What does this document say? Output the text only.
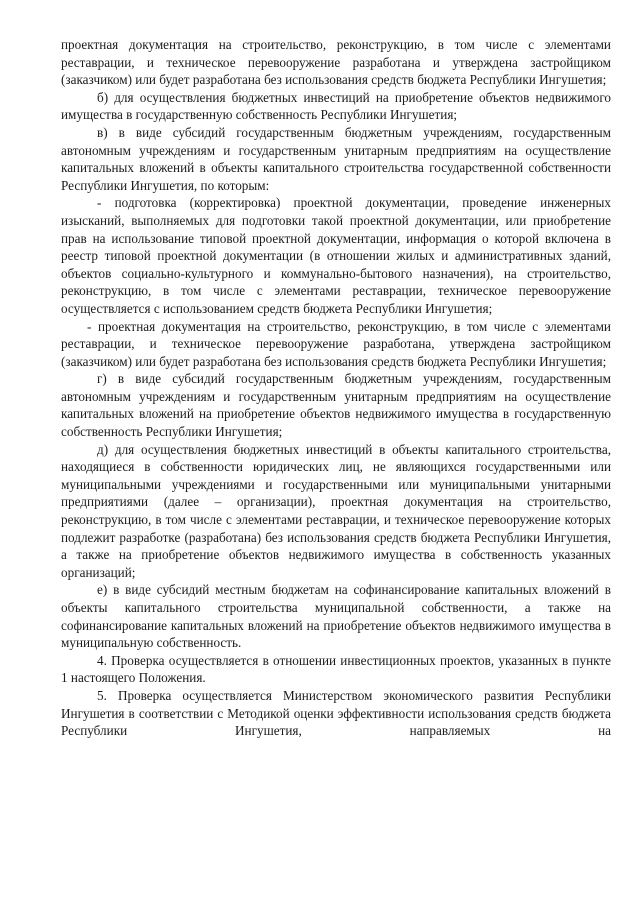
проектная документация на строительство, реконструкцию, в том числе с элементами реставрации, и техническое перевооружение разработана и утверждена застройщиком (заказчиком) или будет разработана без использования средств бюджета Республики Ингушетия;

б) для осуществления бюджетных инвестиций на приобретение объектов недвижимого имущества в государственную собственность Республики Ингушетия;

в) в виде субсидий государственным бюджетным учреждениям, государственным автономным учреждениям и государственным унитарным предприятиям на осуществление капитальных вложений в объекты капитального строительства государственной собственности Республики Ингушетия, по которым:

- подготовка (корректировка) проектной документации, проведение инженерных изысканий, выполняемых для подготовки такой проектной документации, или приобретение прав на использование типовой проектной документации, информация о которой включена в реестр типовой проектной документации (в отношении жилых и административных зданий, объектов социально-культурного и коммунально-бытового назначения), на строительство, реконструкцию, в том числе с элементами реставрации, техническое перевооружение осуществляется с использованием средств бюджета Республики Ингушетия;

- проектная документация на строительство, реконструкцию, в том числе с элементами реставрации, и техническое перевооружение разработана, утверждена застройщиком (заказчиком) или будет разработана без использования средств бюджета Республики Ингушетия;

г) в виде субсидий государственным бюджетным учреждениям, государственным автономным учреждениям и государственным унитарным предприятиям на осуществление капитальных вложений на приобретение объектов недвижимого имущества в государственную собственность Республики Ингушетия;

д) для осуществления бюджетных инвестиций в объекты капитального строительства, находящиеся в собственности юридических лиц, не являющихся государственными или муниципальными учреждениями и государственными или муниципальными унитарными предприятиями (далее – организации), проектная документация на строительство, реконструкцию, в том числе с элементами реставрации, и техническое перевооружение которых подлежит разработке (разработана) без использования средств бюджета Республики Ингушетия, а также на приобретение объектов недвижимого имущества в собственность указанных организаций;

е) в виде субсидий местным бюджетам на софинансирование капитальных вложений в объекты капитального строительства муниципальной собственности, а также на софинансирование капитальных вложений на приобретение объектов недвижимого имущества в муниципальную собственность.

4. Проверка осуществляется в отношении инвестиционных проектов, указанных в пункте 1 настоящего Положения.

5. Проверка осуществляется Министерством экономического развития Республики Ингушетия в соответствии с Методикой оценки эффективности использования средств бюджета Республики Ингушетия, направляемых на
